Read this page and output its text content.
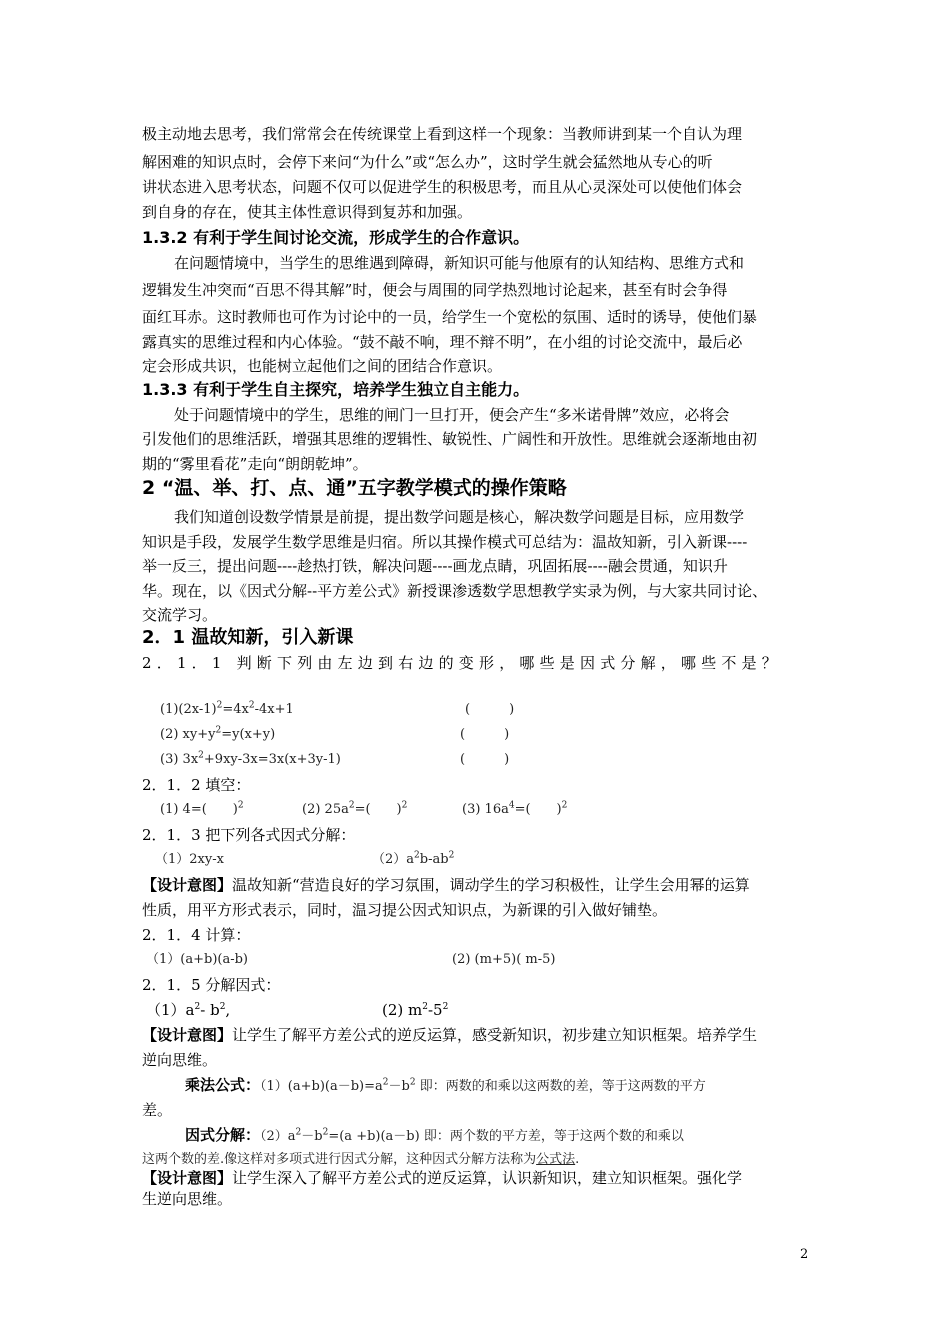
极主动地去思考，我们常常会在传统课堂上看到这样一个现象：当教师讲到某一个自认为理
解困难的知识点时，会停下来问“为什么”或“怎么办”，这时学生就会猛然地从专心的听
讲状态进入思考状态，问题不仅可以促进学生的积极思考，而且从心灵深处可以使他们体会
到自身的存在，使其主体性意识得到复苏和加强。
1.3.2 有利于学生间讨论交流，形成学生的合作意识。
在问题情境中，当学生的思维遇到障碍，新知识可能与他原有的认知结构、思维方式和
逻辑发生冲突而“百思不得其解”时，便会与周围的同学热烈地讨论起来，甚至有时会争得
面红耳赤。这时教师也可作为讨论中的一员，给学生一个宽松的氛围、适时的诱导，使他们暴
露真实的思维过程和内心体验。“鼓不敲不响，理不辩不明”，在小组的讨论交流中，最后必
定会形成共识，也能树立起他们之间的团结合作意识。
1.3.3 有利于学生自主探究，培养学生独立自主能力。
处于问题情境中的学生，思维的闸门一旦打开，便会产生“多米诺骨牌”效应，必将会
引发他们的思维活跃，增强其思维的逻辑性、敏锐性、广阔性和开放性。思维就会逐渐地由初
期的“雾里看花”走向“朗朗乾坤”。
2 “温、举、打、点、通”五字教学模式的操作策略
我们知道创设数学情景是前提，提出数学问题是核心，解决数学问题是目标，应用数学
知识是手段，发展学生数学思维是归宿。所以其操作模式可总结为：温故知新，引入新课----
举一反三，提出问题----趁热打铁，解决问题----画龙点睛，巩固拓展----融会贯通，知识升
华。现在，以《因式分解--平方差公式》新授课渗透数学思想教学实录为例，与大家共同讨论、
交流学习。
2．1 温故知新，引入新课
2．1．1 判断下列由左边到右边的变形，哪些是因式分解，哪些不是？
$(1)(2x-1)^2=4x^2-4x+1$	(　　　)
(2) $xy+y^2=y(x+y)$	(　　　)
(3) $3x^2+9xy-3x=3x(x+3y-1)$	(　　　)
2．1．2 填空：
(1) 4=(　　)$^2$	(2) $25a^2=$(　　)$^2$	(3) $16a^4=$(　　)$^2$
2．1．3 把下列各式因式分解：
（1）2xy-x	$(2)a^2b-ab^2$
【设计意图】温故知新“营造良好的学习氛围，调动学生的学习积极性，让学生会用幂的运算
性质，用平方形式表示，同时，温习提公因式知识点，为新课的引入做好铺垫。
2．1．4 计算：
（1）(a+b)(a-b)	(2) (m+5)( m-5)
2．1．5 分解因式：
$(1)a^2-$ $b^2$,	(2) $m^2-5^2$
【设计意图】让学生了解平方差公式的逆反运算，感受新知识，初步建立知识框架。培养学生
逆向思维。
乘法公式：$(1)(a+b)(a-b)=a^2-b^2$ 即：两数的和乘以这两数的差，等于这两数的平方
差。
因式分解：$(2)a^2-b^2=(a +b)(a-b)$ 即：两个数的平方差，等于这两个数的和乘以
这两个数的差.像这样对多项式进行因式分解，这种因式分解方法称为公式法.
【设计意图】让学生深入了解平方差公式的逆反运算，认识新知识，建立知识框架。强化学
生逆向思维。
2
